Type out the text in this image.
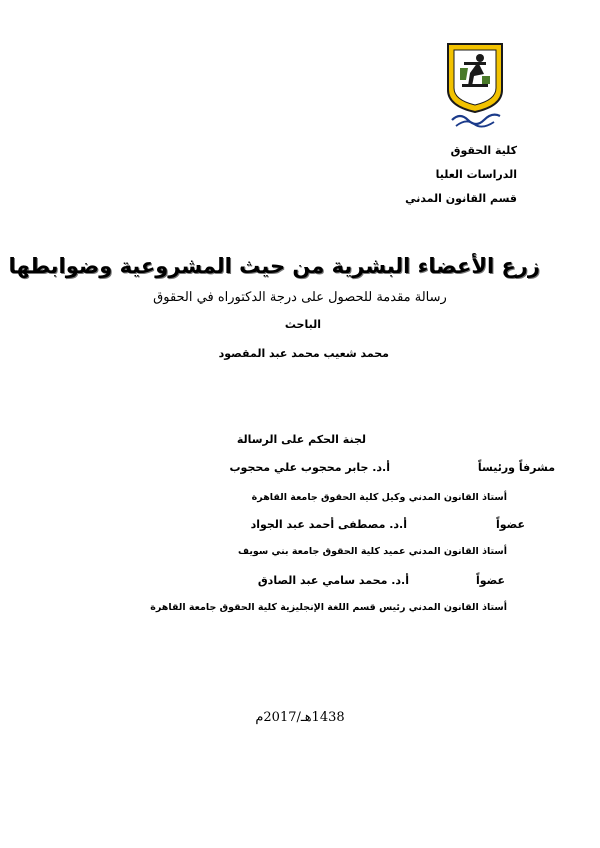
كلية الحقوق
الدراسات العليا
قسم القانون المدني
زرع الأعضاء البشرية من حيث المشروعية وضوابطها
رسالة مقدمة للحصول على درجة الدكتوراه في الحقوق
الباحث
محمد شعيب محمد عبد المقصود
لجنة الحكم على الرسالة
أ.د. جابر محجوب علي محجوب	مشرفاً ورئيساً
أستاذ القانون المدني وكيل كلية الحقوق جامعة القاهرة
أ.د. مصطفى أحمد عبد الجواد	عضواً
أستاذ القانون المدني عميد كلية الحقوق جامعة بني سويف
أ.د. محمد سامي عبد الصادق	عضواً
أستاذ القانون المدني رئيس قسم اللغة الإنجليزية كلية الحقوق جامعة القاهرة
1438هـ/2017م
